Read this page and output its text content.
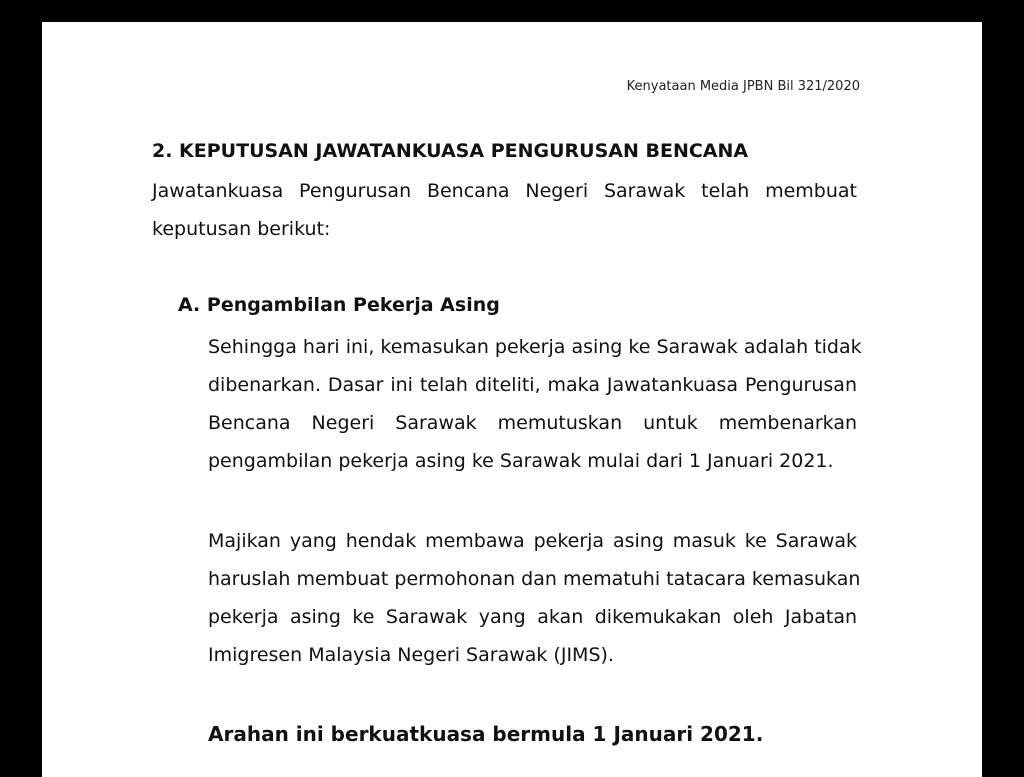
Kenyataan Media JPBN Bil 321/2020
2. KEPUTUSAN JAWATANKUASA PENGURUSAN BENCANA
Jawatankuasa Pengurusan Bencana Negeri Sarawak telah membuat
keputusan berikut:
A. Pengambilan Pekerja Asing
Sehingga hari ini, kemasukan pekerja asing ke Sarawak adalah tidak
dibenarkan. Dasar ini telah diteliti, maka Jawatankuasa Pengurusan
Bencana Negeri Sarawak memutuskan untuk membenarkan
pengambilan pekerja asing ke Sarawak mulai dari 1 Januari 2021.
Majikan yang hendak membawa pekerja asing masuk ke Sarawak
haruslah membuat permohonan dan mematuhi tatacara kemasukan
pekerja asing ke Sarawak yang akan dikemukakan oleh Jabatan
Imigresen Malaysia Negeri Sarawak (JIMS).
Arahan ini berkuatkuasa bermula 1 Januari 2021.
